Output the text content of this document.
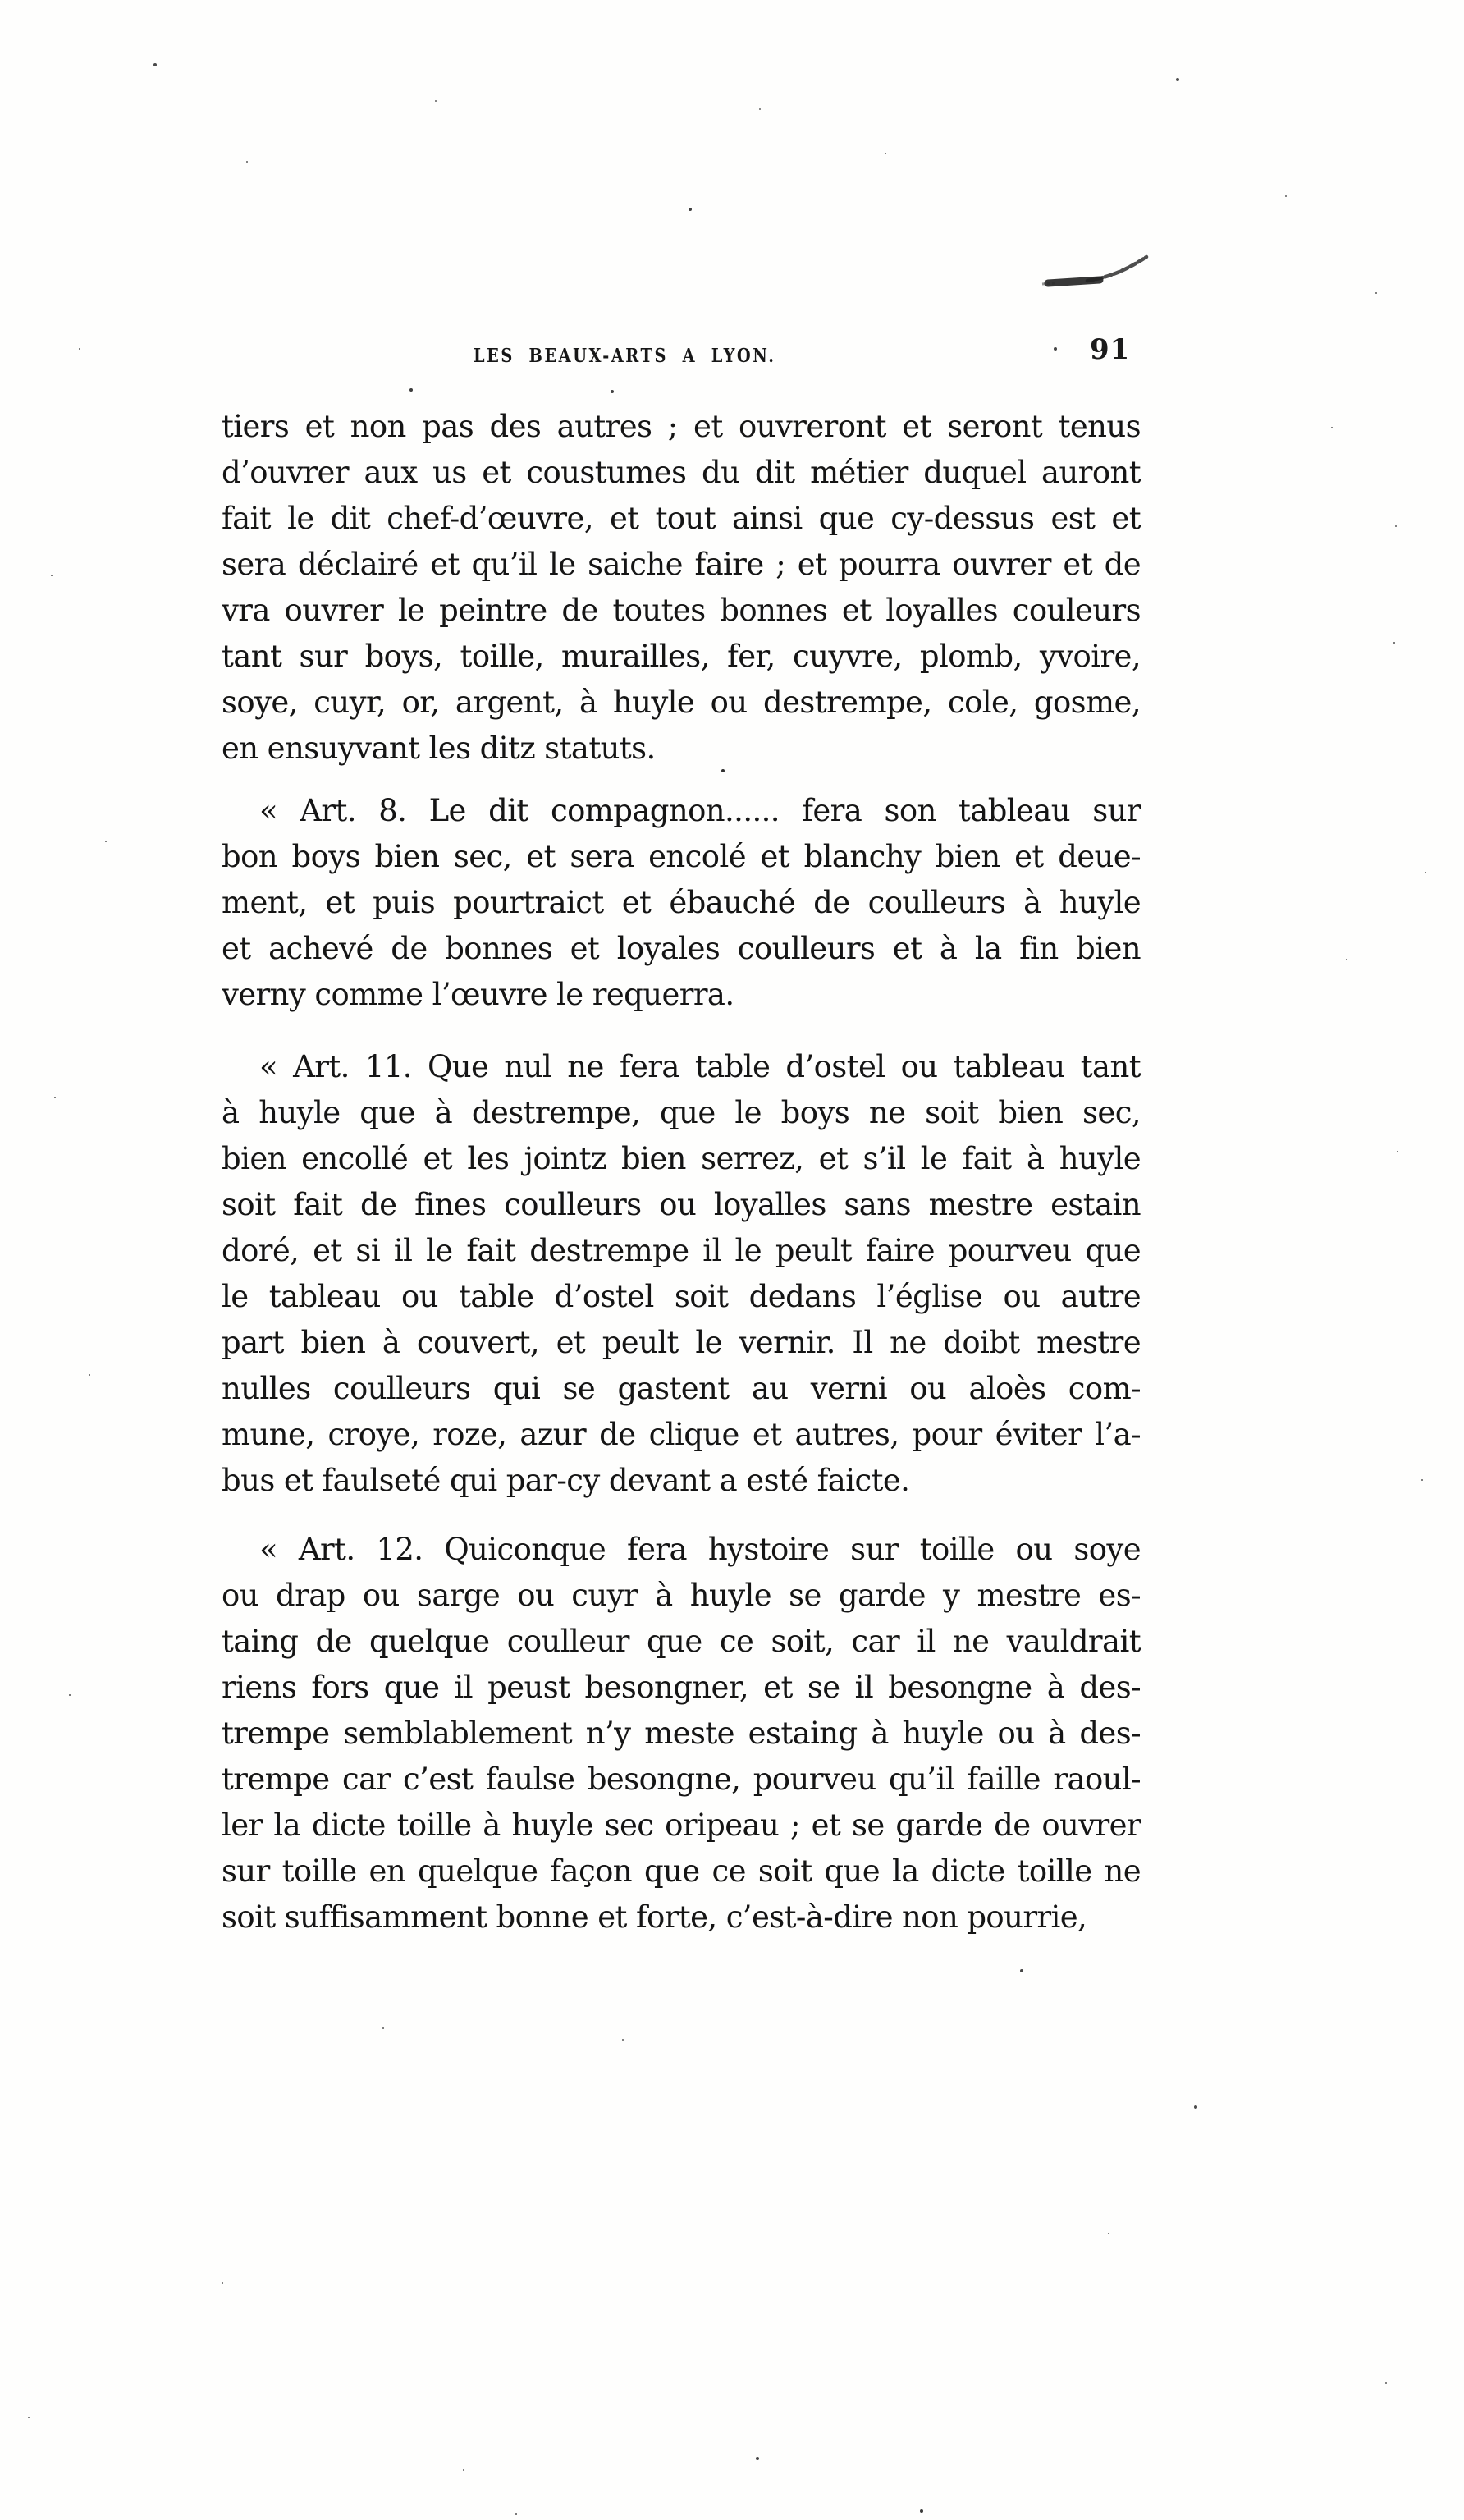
LES BEAUX-ARTS A LYON.	91
tiers et non pas des autres ; et ouvreront et seront tenus
d’ouvrer aux us et coustumes du dit métier duquel auront
fait le dit chef-d’œuvre, et tout ainsi que cy-dessus est et
sera déclairé et qu’il le saiche faire ; et pourra ouvrer et de
vra ouvrer le peintre de toutes bonnes et loyalles couleurs
tant sur boys, toille, murailles, fer, cuyvre, plomb, yvoire,
soye, cuyr, or, argent, à huyle ou destrempe, cole, gosme,
en ensuyvant les ditz statuts.
« Art. 8. Le dit compagnon...... fera son tableau sur
bon boys bien sec, et sera encolé et blanchy bien et deue-
ment, et puis pourtraict et ébauché de coulleurs à huyle
et achevé de bonnes et loyales coulleurs et à la fin bien
verny comme l’œuvre le requerra.
« Art. 11. Que nul ne fera table d’ostel ou tableau tant
à huyle que à destrempe, que le boys ne soit bien sec,
bien encollé et les jointz bien serrez, et s’il le fait à huyle
soit fait de fines coulleurs ou loyalles sans mestre estain
doré, et si il le fait destrempe il le peult faire pourveu que
le tableau ou table d’ostel soit dedans l’église ou autre
part bien à couvert, et peult le vernir. Il ne doibt mestre
nulles coulleurs qui se gastent au verni ou aloès com-
mune, croye, roze, azur de clique et autres, pour éviter l’a-
bus et faulseté qui par-cy devant a esté faicte.
« Art. 12. Quiconque fera hystoire sur toille ou soye
ou drap ou sarge ou cuyr à huyle se garde y mestre es-
taing de quelque coulleur que ce soit, car il ne vauldrait
riens fors que il peust besongner, et se il besongne à des-
trempe semblablement n’y meste estaing à huyle ou à des-
trempe car c’est faulse besongne, pourveu qu’il faille raoul-
ler la dicte toille à huyle sec oripeau ; et se garde de ouvrer
sur toille en quelque façon que ce soit que la dicte toille ne
soit suffisamment bonne et forte, c’est-à-dire non pourrie,
